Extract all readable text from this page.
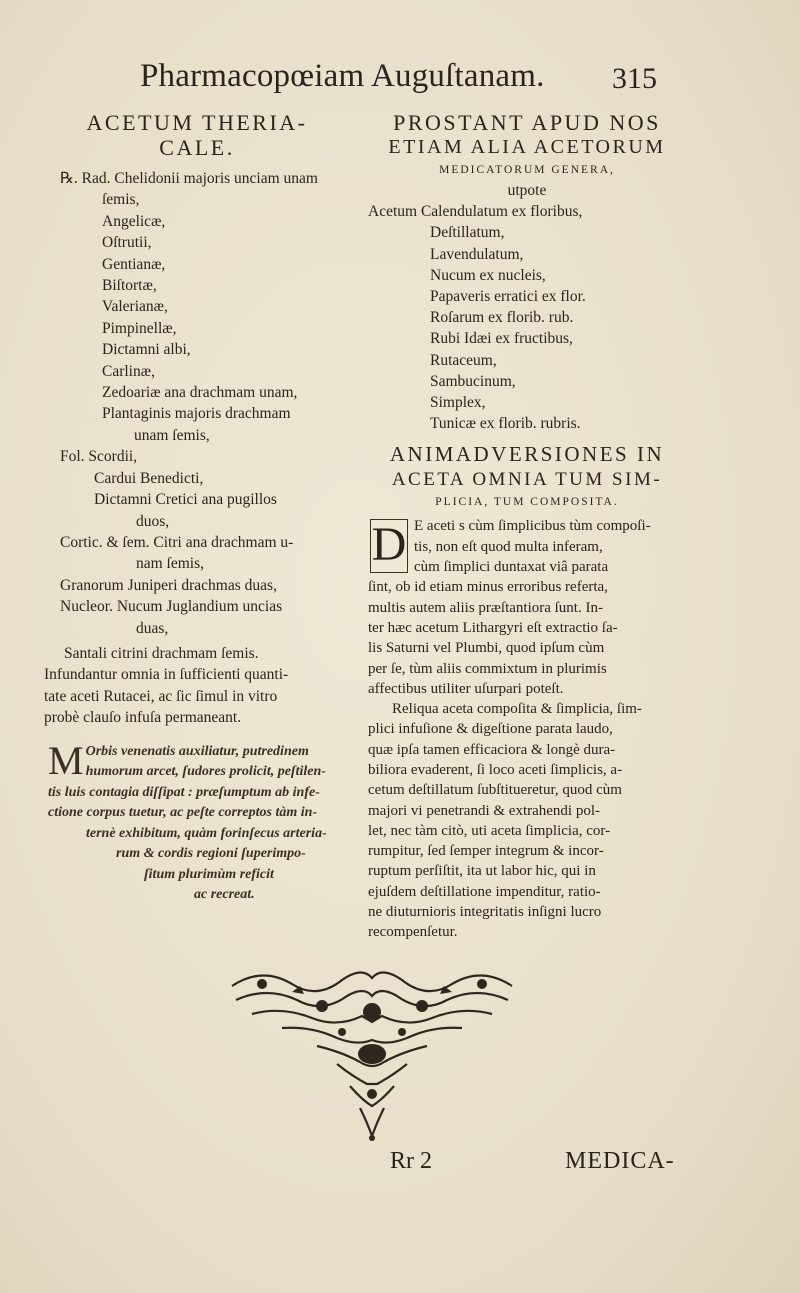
Pharmacopœiam Auguſtanam.	315
ACETUM THERIA-
CALE.
℞. Rad. Chelidonii majoris unciam unam
ſemis,
Angelicæ,
Oſtrutii,
Gentianæ,
Biſtortæ,
Valerianæ,
Pimpinellæ,
Dictamni albi,
Carlinæ,
Zedoariæ ana drachmam unam,
Plantaginis majoris drachmam
unam ſemis,
Fol. Scordii,
Cardui Benedicti,
Dictamni Cretici ana pugillos
duos,
Cortic. & ſem. Citri ana drachmam u-
nam ſemis,
Granorum Juniperi drachmas duas,
Nucleor. Nucum Juglandium uncias
duas,
Santali citrini drachmam ſemis.
Infundantur omnia in ſufficienti quanti-
tate aceti Rutacei, ac ſic ſimul in vitro
probè clauſo infuſa permaneant.
M Orbis venenatis auxiliatur, putredinem
humorum arcet, ſudores prolicit, peſtilen-
tis luis contagia diſſipat : præſumptum ab infe-
ctione corpus tuetur, ac peſte correptos tàm in-
ternè exhibitum, quàm forinſecus arteria-
rum & cordis regioni ſuperimpo-
ſitum plurimùm reficit
ac recreat.
PROSTANT APUD NOS
ETIAM ALIA ACETORUM
MEDICATORUM GENERA,
utpote
Acetum Calendulatum ex floribus,
Deſtillatum,
Lavendulatum,
Nucum ex nucleis,
Papaveris erratici ex flor.
Roſarum ex florib. rub.
Rubi Idæi ex fructibus,
Rutaceum,
Sambucinum,
Simplex,
Tunicæ ex florib. rubris.
ANIMADVERSIONES IN
ACETA OMNIA TUM SIM-
PLICIA, TUM COMPOSITA.
D E aceti s cùm ſimplicibus tùm compoſi-
tis, non eſt quod multa inferam,
cùm ſimplici duntaxat viâ parata
ſint, ob id etiam minus erroribus referta,
multis autem aliis præſtantiora ſunt. In-
ter hæc acetum Lithargyri eſt extractio ſa-
lis Saturni vel Plumbi, quod ipſum cùm
per ſe, tùm aliis commixtum in plurimis
affectibus utiliter uſurpari poteſt.
Reliqua aceta compoſita & ſimplicia, ſim-
plici infuſione & digeſtione parata laudo,
quæ ipſa tamen efficaciora & longè dura-
biliora evaderent, ſi loco aceti ſimplicis, a-
cetum deſtillatum ſubſtitueretur, quod cùm
majori vi penetrandi & extrahendi pol-
let, nec tàm citò, uti aceta ſimplicia, cor-
rumpitur, ſed ſemper integrum & incor-
ruptum perſiſtit, ita ut labor hic, qui in
ejuſdem deſtillatione impenditur, ratio-
ne diuturnioris integritatis inſigni lucro
recompenſetur.
Rr 2	MEDICA-
